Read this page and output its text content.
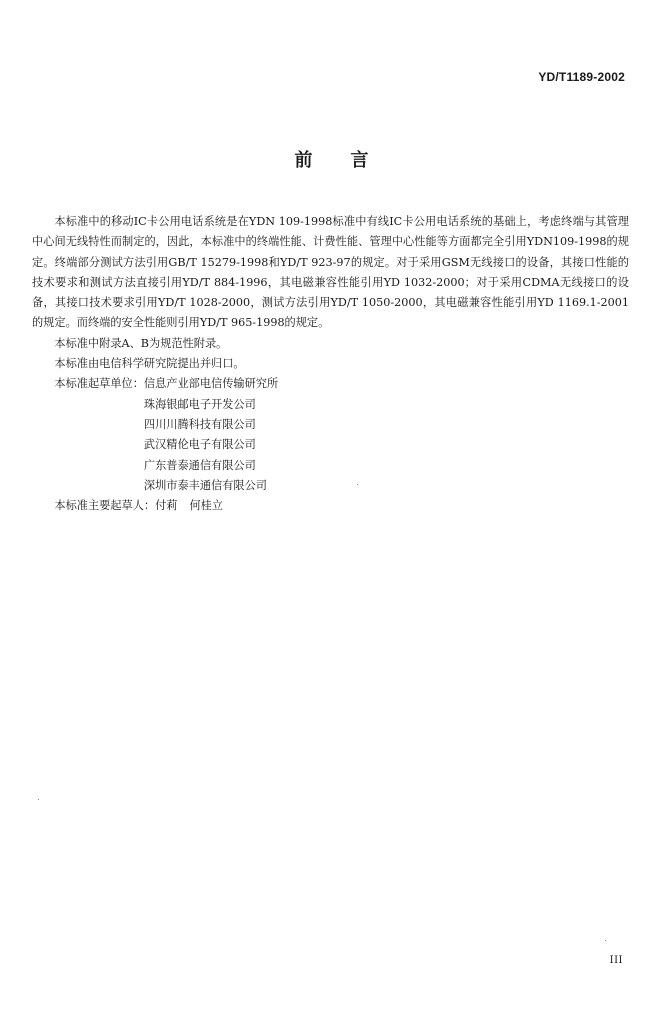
YD/T1189-2002
前言

本标准中的移动IC卡公用电话系统是在YDN 109-1998标准中有线IC卡公用电话系统的基础上，考虑终端与其管理中心间无线特性而制定的，因此，本标准中的终端性能、计费性能、管理中心性能等方面都完全引用YDN109-1998的规定。终端部分测试方法引用GB/T 15279-1998和YD/T 923-97的规定。对于采用GSM无线接口的设备，其接口性能的技术要求和测试方法直接引用YD/T 884-1996，其电磁兼容性能引用YD 1032-2000；对于采用CDMA无线接口的设备，其接口技术要求引用YD/T 1028-2000，测试方法引用YD/T 1050-2000，其电磁兼容性能引用YD 1169.1-2001的规定。而终端的安全性能则引用YD/T 965-1998的规定。

本标准中附录A、B为规范性附录。

本标准由电信科学研究院提出并归口。

本标准起草单位： 信息产业部电信传输研究所
珠海银邮电子开发公司
四川川腾科技有限公司
武汉精伦电子有限公司
广东普泰通信有限公司
深圳市泰丰通信有限公司
本标准主要起草人： 付莉 何桂立
III
